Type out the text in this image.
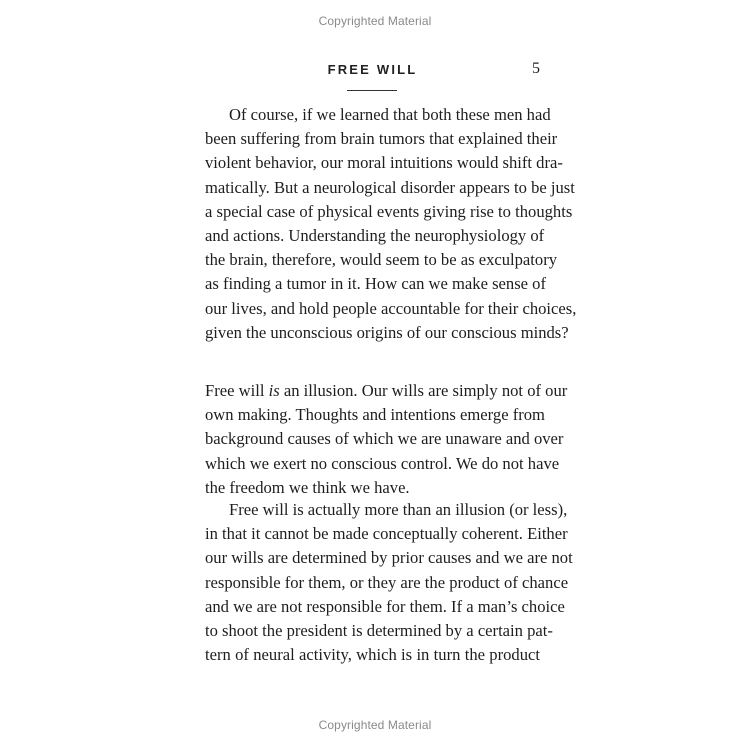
Copyrighted Material
FREE WILL	5

Of course, if we learned that both these men had
been suffering from brain tumors that explained their
violent behavior, our moral intuitions would shift dra-
matically. But a neurological disorder appears to be just
a special case of physical events giving rise to thoughts
and actions. Understanding the neurophysiology of
the brain, therefore, would seem to be as exculpatory
as finding a tumor in it. How can we make sense of
our lives, and hold people accountable for their choices,
given the unconscious origins of our conscious minds?

Free will is an illusion. Our wills are simply not of our
own making. Thoughts and intentions emerge from
background causes of which we are unaware and over
which we exert no conscious control. We do not have
the freedom we think we have.

Free will is actually more than an illusion (or less),
in that it cannot be made conceptually coherent. Either
our wills are determined by prior causes and we are not
responsible for them, or they are the product of chance
and we are not responsible for them. If a man’s choice
to shoot the president is determined by a certain pat-
tern of neural activity, which is in turn the product

Copyrighted Material
